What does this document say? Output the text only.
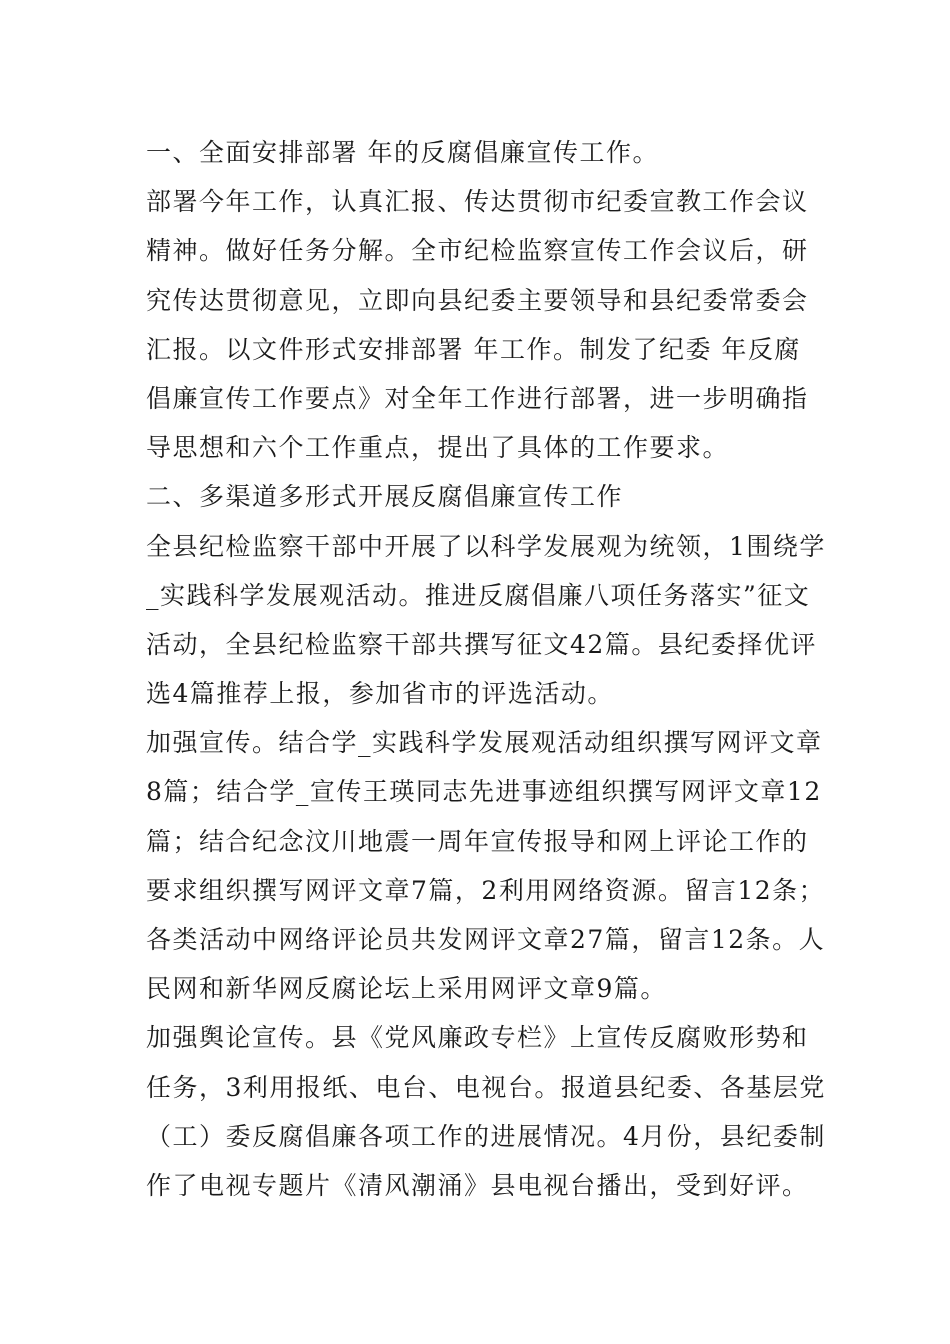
一、全面安排部署 年的反腐倡廉宣传工作。
部署今年工作，认真汇报、传达贯彻市纪委宣教工作会议
精神。做好任务分解。全市纪检监察宣传工作会议后，研
究传达贯彻意见，立即向县纪委主要领导和县纪委常委会
汇报。以文件形式安排部署 年工作。制发了纪委 年反腐
倡廉宣传工作要点》对全年工作进行部署，进一步明确指
导思想和六个工作重点，提出了具体的工作要求。
二、多渠道多形式开展反腐倡廉宣传工作
全县纪检监察干部中开展了以科学发展观为统领，1围绕学
_实践科学发展观活动。推进反腐倡廉八项任务落实”征文
活动，全县纪检监察干部共撰写征文42篇。县纪委择优评
选4篇推荐上报，参加省市的评选活动。
加强宣传。结合学_实践科学发展观活动组织撰写网评文章
8篇；结合学_宣传王瑛同志先进事迹组织撰写网评文章12
篇；结合纪念汶川地震一周年宣传报导和网上评论工作的
要求组织撰写网评文章7篇，2利用网络资源。留言12条；
各类活动中网络评论员共发网评文章27篇，留言12条。人
民网和新华网反腐论坛上采用网评文章9篇。
加强舆论宣传。县《党风廉政专栏》上宣传反腐败形势和
任务，3利用报纸、电台、电视台。报道县纪委、各基层党
（工）委反腐倡廉各项工作的进展情况。4月份，县纪委制
作了电视专题片《清风潮涌》县电视台播出，受到好评。
